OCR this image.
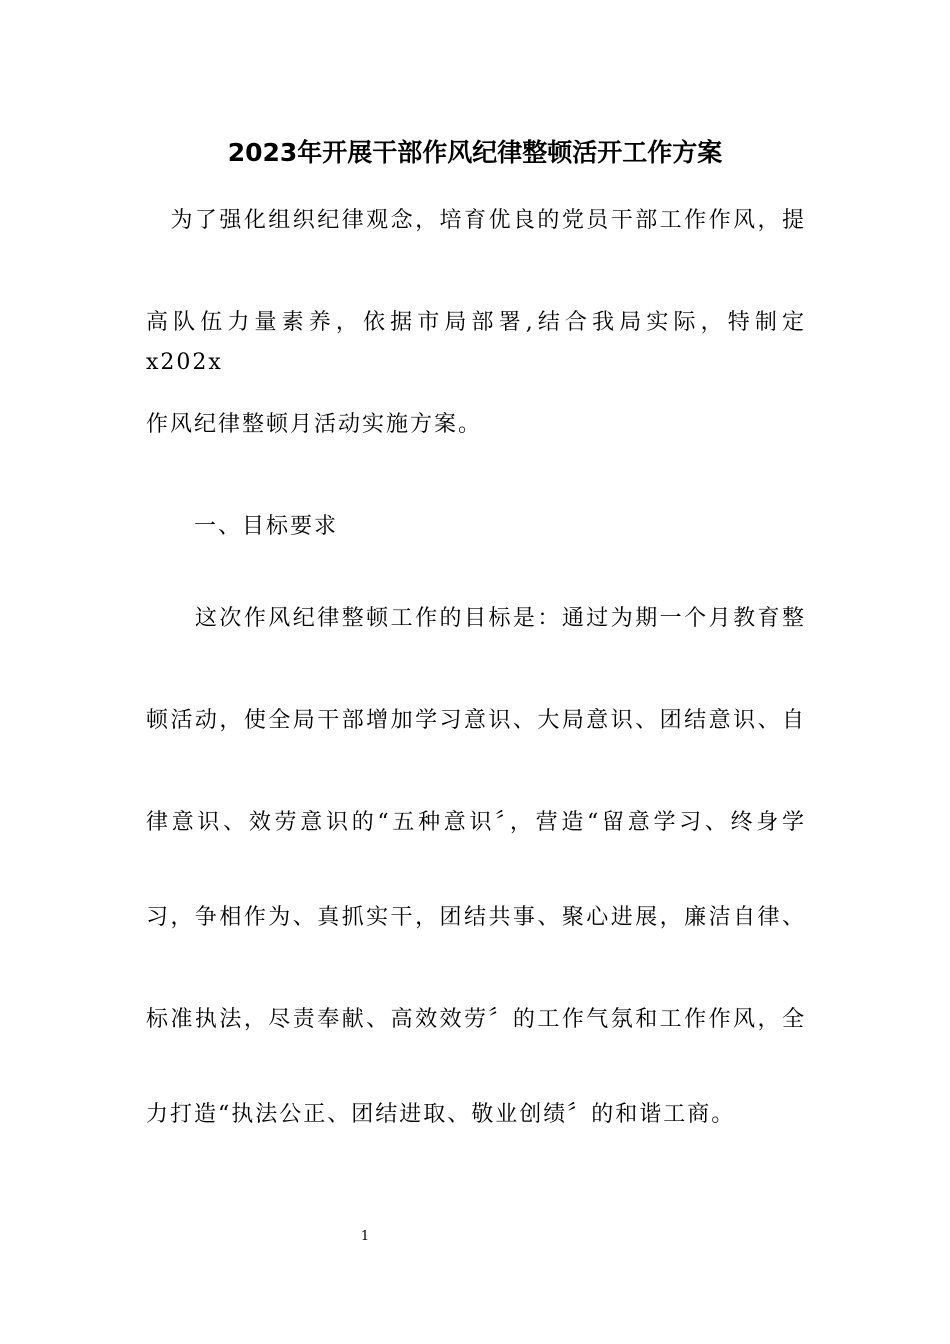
2023年开展干部作风纪律整顿活开工作方案
　为了强化组织纪律观念，培育优良的党员干部工作作风，提
高队伍力量素养，依据市局部署,结合我局实际，特制定x202x
作风纪律整顿月活动实施方案。
　　一、目标要求
　　这次作风纪律整顿工作的目标是：通过为期一个月教育整
顿活动，使全局干部增加学习意识、大局意识、团结意识、自
律意识、效劳意识的“五种意识〞，营造“留意学习、终身学
习，争相作为、真抓实干，团结共事、聚心进展，廉洁自律、
标准执法，尽责奉献、高效效劳〞的工作气氛和工作作风，全
力打造“执法公正、团结进取、敬业创绩〞的和谐工商。
1
